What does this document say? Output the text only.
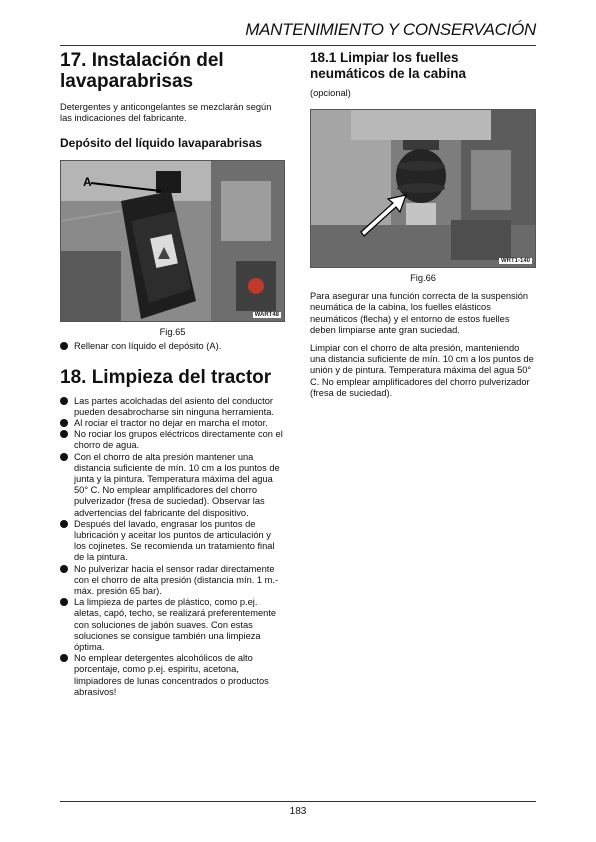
MANTENIMIENTO Y CONSERVACIÓN
17. Instalación del lavaparabrisas

Detergentes y anticongelantes se mezclarán según las indicaciones del fabricante.

Depósito del líquido lavaparabrisas
A
WART48
Fig.65
Rellenar con líquido el depósito (A).
18. Limpieza del tractor
Las partes acolchadas del asiento del conductor pueden desabrocharse sin ninguna herramienta.
Al rociar el tractor no dejar en marcha el motor.
No rociar los grupos eléctricos directamente con el chorro de agua.
Con el chorro de alta presión mantener una distancia suficiente de mín. 10 cm a los puntos de junta y la pintura. Temperatura máxima del agua 50° C. No emplear amplificadores del chorro pulverizador (fresa de suciedad). Observar las advertencias del fabricante del dispositivo.
Después del lavado, engrasar los puntos de lubricación y aceitar los puntos de articulación y los cojinetes. Se recomienda un tratamiento final de la pintura.
No pulverizar hacia el sensor radar directamente con el chorro de alta presión (distancia mín. 1 m.- máx. presión 65 bar).
La limpieza de partes de plástico, como p.ej. aletas, capó, techo, se realizará preferentemente con soluciones de jabón suaves. Con estas soluciones se consigue también una limpieza óptima.
No emplear detergentes alcohólicos de alto porcentaje, como p.ej. espiritu, acetona, limpiadores de lunas concentrados o productos abrasivos!
18.1 Limpiar los fuelles neumáticos de la cabina

(opcional)

WRT1-140
Fig.66

Para asegurar una función correcta de la suspensión neumática de la cabina, los fuelles elásticos neumáticos (flecha) y el entorno de estos fuelles deben limpiarse ante gran suciedad.

Limpiar con el chorro de alta presión, manteniendo una distancia suficiente de mín. 10 cm a los puntos de unión y de pintura. Temperatura máxima del agua 50° C. No emplear amplificadores del chorro pulverizador (fresa de suciedad).

183
